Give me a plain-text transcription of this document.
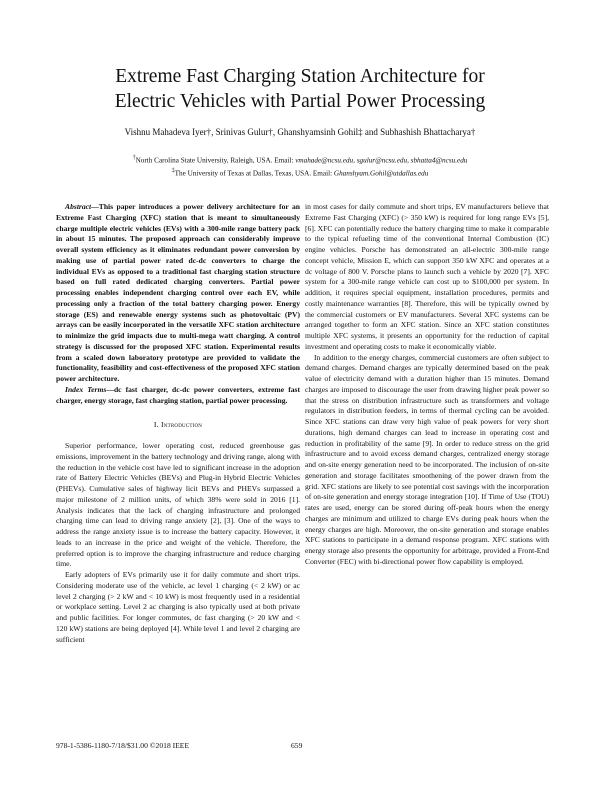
Extreme Fast Charging Station Architecture for
Electric Vehicles with Partial Power Processing
Vishnu Mahadeva Iyer†, Srinivas Gulur†, Ghanshyamsinh Gohil‡ and Subhashish Bhattacharya†
†North Carolina State University, Raleigh, USA. Email: vmahade@ncsu.edu, sgulur@ncsu.edu, sbhatta4@ncsu.edu
‡The University of Texas at Dallas, Texas, USA. Email: Ghanshyam.Gohil@utdallas.edu

Abstract—This paper introduces a power delivery architecture for an Extreme Fast Charging (XFC) station that is meant to simultaneously charge multiple electric vehicles (EVs) with a 300-mile range battery pack in about 15 minutes. The proposed approach can considerably improve overall system efficiency as it eliminates redundant power conversion by making use of partial power rated dc-dc converters to charge the individual EVs as opposed to a traditional fast charging station structure based on full rated dedicated charging converters. Partial power processing enables independent charging control over each EV, while processing only a fraction of the total battery charging power. Energy storage (ES) and renewable energy systems such as photovoltaic (PV) arrays can be easily incorporated in the versatile XFC station architecture to minimize the grid impacts due to multi-mega watt charging. A control strategy is discussed for the proposed XFC station. Experimental results from a scaled down laboratory prototype are provided to validate the functionality, feasibility and cost-effectiveness of the proposed XFC station power architecture.

Index Terms—dc fast charger, dc-dc power converters, extreme fast charger, energy storage, fast charging station, partial power processing.

I. Introduction

Superior performance, lower operating cost, reduced greenhouse gas emissions, improvement in the battery technology and driving range, along with the reduction in the vehicle cost have led to significant increase in the adoption rate of Battery Electric Vehicles (BEVs) and Plug-in Hybrid Electric Vehicles (PHEVs). Cumulative sales of highway licit BEVs and PHEVs surpassed a major milestone of 2 million units, of which 38% were sold in 2016 [1]. Analysis indicates that the lack of charging infrastructure and prolonged charging time can lead to driving range anxiety [2], [3]. One of the ways to address the range anxiety issue is to increase the battery capacity. However, it leads to an increase in the price and weight of the vehicle. Therefore, the preferred option is to improve the charging infrastructure and reduce charging time.

Early adopters of EVs primarily use it for daily commute and short trips. Considering moderate use of the vehicle, ac level 1 charging (< 2 kW) or ac level 2 charging (> 2 kW and < 10 kW) is most frequently used in a residential or workplace setting. Level 2 ac charging is also typically used at both private and public facilities. For longer commutes, dc fast charging (> 20 kW and < 120 kW) stations are being deployed [4]. While level 1 and level 2 charging are sufficient

in most cases for daily commute and short trips, EV manufacturers believe that Extreme Fast Charging (XFC) (> 350 kW) is required for long range EVs [5], [6]. XFC can potentially reduce the battery charging time to make it comparable to the typical refueling time of the conventional Internal Combustion (IC) engine vehicles. Porsche has demonstrated an all-electric 300-mile range concept vehicle, Mission E, which can support 350 kW XFC and operates at a dc voltage of 800 V. Porsche plans to launch such a vehicle by 2020 [7]. XFC system for a 300-mile range vehicle can cost up to $100,000 per system. In addition, it requires special equipment, installation procedures, permits and costly maintenance warranties [8]. Therefore, this will be typically owned by the commercial customers or EV manufacturers. Several XFC systems can be arranged together to form an XFC station. Since an XFC station constitutes multiple XFC systems, it presents an opportunity for the reduction of capital investment and operating costs to make it economically viable.

In addition to the energy charges, commercial customers are often subject to demand charges. Demand charges are typically determined based on the peak value of electricity demand with a duration higher than 15 minutes. Demand charges are imposed to discourage the user from drawing higher peak power so that the stress on distribution infrastructure such as transformers and voltage regulators in distribution feeders, in terms of thermal cycling can be avoided. Since XFC stations can draw very high value of peak powers for very short durations, high demand charges can lead to increase in operating cost and reduction in profitability of the same [9]. In order to reduce stress on the grid infrastructure and to avoid excess demand charges, centralized energy storage and on-site energy generation need to be incorporated. The inclusion of on-site generation and storage facilitates smoothening of the power drawn from the grid. XFC stations are likely to see potential cost savings with the incorporation of on-site generation and energy storage integration [10]. If Time of Use (TOU) rates are used, energy can be stored during off-peak hours when the energy charges are minimum and utilized to charge EVs during peak hours when the energy charges are high. Moreover, the on-site generation and storage enables XFC stations to participate in a demand response program. XFC stations with energy storage also presents the opportunity for arbitrage, provided a Front-End Converter (FEC) with bi-directional power flow capability is employed.

978-1-5386-1180-7/18/$31.00 ©2018 IEEE	659
